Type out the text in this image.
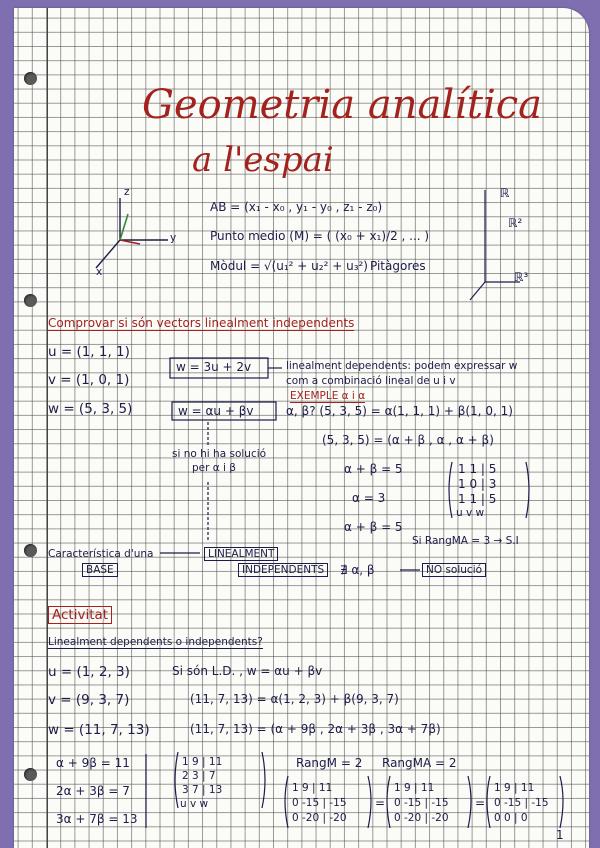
Geometria analítica
a l'espai
z
y
x
AB = (x₁ - x₀ , y₁ - y₀ , z₁ - z₀)
Punto medio (M) = ( (x₀ + x₁)/2 , ... )
Mòdul = √(u₁² + u₂² + u₃²) Pitàgores
ℝ
ℝ²
ℝ³
Comprovar si són vectors linealment independents
u = (1, 1, 1)
v = (1, 0, 1)
w = (5, 3, 5)
w = 3u + 2v	linealment dependents: podem expressar w
com a combinació lineal de u i v
EXEMPLE α i α
w = αu + βv	α, β? (5, 3, 5) = α(1, 1, 1) + β(1, 0, 1)
(5, 3, 5) = (α + β , α , α + β)
si no hi ha solució
per α i β	α + β = 5
α = 3
α + β = 5
1 1 | 5
1 0 | 3
1 1 | 5
u v w
Si RangMA = 3 → S.I
Característica d'una
BASE
LINEALMENT
INDEPENDENTS	∄ α, β	NO solució
Activitat
Linealment dependents o independents?
u = (1, 2, 3)
v = (9, 3, 7)
w = (11, 7, 13)
Si són L.D. , w = αu + βv
(11, 7, 13) = α(1, 2, 3) + β(9, 3, 7)
(11, 7, 13) = (α + 9β , 2α + 3β , 3α + 7β)
α + 9β = 11
2α + 3β = 7
3α + 7β = 13
1 9 | 11
2 3 | 7
3 7 | 13
u v w
RangM = 2 RangMA = 2
1 9 | 11
0 -15 | -15
0 -20 | -20
=
1 9 | 11
0 -15 | -15
0 -20 | -20
=
1 9 | 11
0 -15 | -15
0 0 | 0
1
